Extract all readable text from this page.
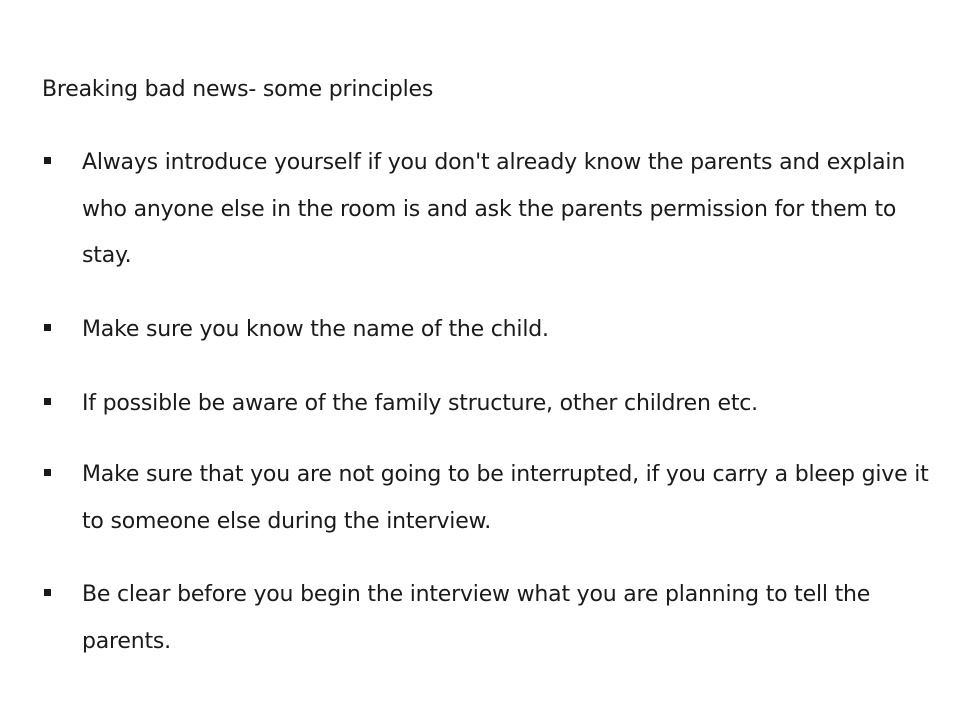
Breaking bad news- some principles
Always introduce yourself if you don't already know the parents and explain who anyone else in the room is and ask the parents permission for them to stay.
Make sure you know the name of the child.
If possible be aware of the family structure, other children etc.
Make sure that you are not going to be interrupted, if you carry a bleep give it to someone else during the interview.
Be clear before you begin the interview what you are planning to tell the parents.
